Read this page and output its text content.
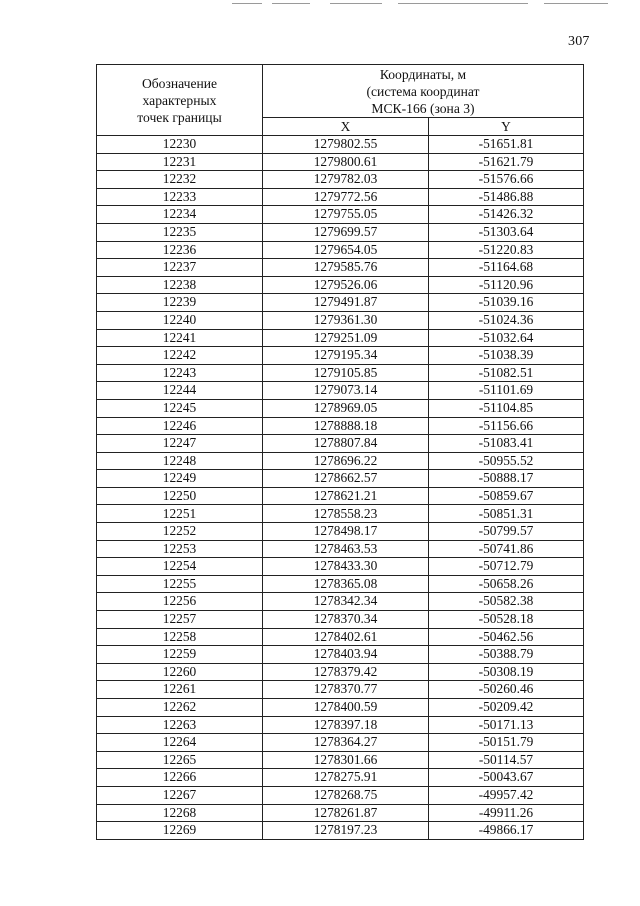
307
Обозначение
характерных
точек границы	Координаты, м
(система координат
МСК-166 (зона 3)	

	X	Y
12230	1279802.55	-51651.81
12231	1279800.61	-51621.79
12232	1279782.03	-51576.66
12233	1279772.56	-51486.88
12234	1279755.05	-51426.32
12235	1279699.57	-51303.64
12236	1279654.05	-51220.83
12237	1279585.76	-51164.68
12238	1279526.06	-51120.96
12239	1279491.87	-51039.16
12240	1279361.30	-51024.36
12241	1279251.09	-51032.64
12242	1279195.34	-51038.39
12243	1279105.85	-51082.51
12244	1279073.14	-51101.69
12245	1278969.05	-51104.85
12246	1278888.18	-51156.66
12247	1278807.84	-51083.41
12248	1278696.22	-50955.52
12249	1278662.57	-50888.17
12250	1278621.21	-50859.67
12251	1278558.23	-50851.31
12252	1278498.17	-50799.57
12253	1278463.53	-50741.86
12254	1278433.30	-50712.79
12255	1278365.08	-50658.26
12256	1278342.34	-50582.38
12257	1278370.34	-50528.18
12258	1278402.61	-50462.56
12259	1278403.94	-50388.79
12260	1278379.42	-50308.19
12261	1278370.77	-50260.46
12262	1278400.59	-50209.42
12263	1278397.18	-50171.13
12264	1278364.27	-50151.79
12265	1278301.66	-50114.57
12266	1278275.91	-50043.67
12267	1278268.75	-49957.42
12268	1278261.87	-49911.26
12269	1278197.23	-49866.17
